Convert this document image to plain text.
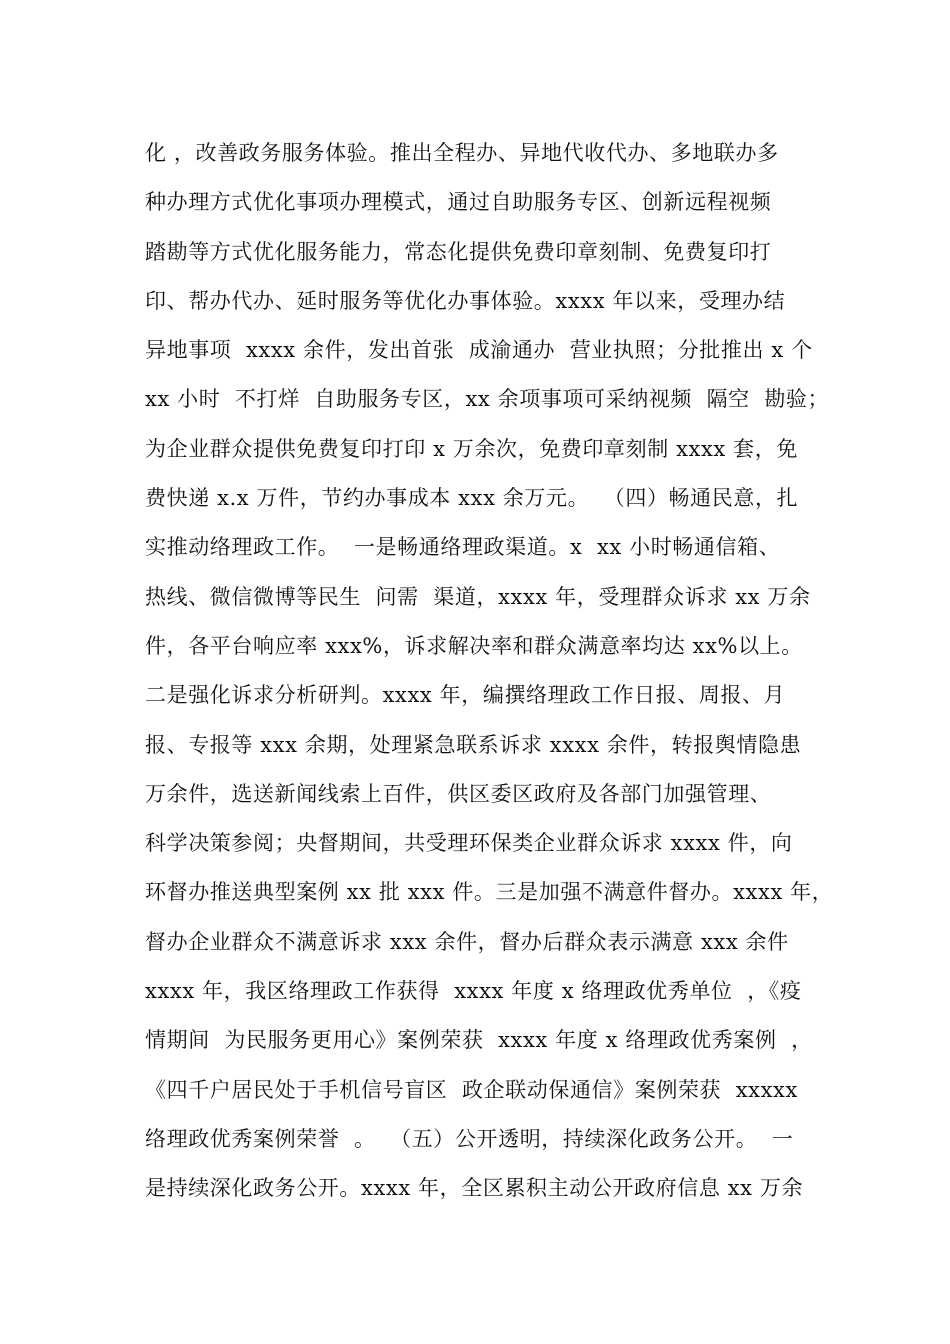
化 ，改善政务服务体验。推出全程办、异地代收代办、多地联办多
种办理方式优化事项办理模式，通过自助服务专区、创新远程视频
踏勘等方式优化服务能力，常态化提供免费印章刻制、免费复印打
印、帮办代办、延时服务等优化办事体验。xxxx 年以来，受理办结
异地事项  xxxx 余件，发出首张  成渝通办  营业执照；分批推出 x 个
xx 小时  不打烊  自助服务专区，xx 余项事项可采纳视频  隔空  勘验；
为企业群众提供免费复印打印 x 万余次，免费印章刻制 xxxx 套，免
费快递 x.x 万件，节约办事成本 xxx 余万元。  （四）畅通民意，扎
实推动络理政工作。  一是畅通络理政渠道。x  xx 小时畅通信箱、
热线、微信微博等民生  问需  渠道，xxxx 年，受理群众诉求 xx 万余
件，各平台响应率 xxx%，诉求解决率和群众满意率均达 xx%以上。
二是强化诉求分析研判。xxxx 年，编撰络理政工作日报、周报、月
报、专报等 xxx 余期，处理紧急联系诉求 xxxx 余件，转报舆情隐患
万余件，选送新闻线索上百件，供区委区政府及各部门加强管理、
科学决策参阅；央督期间，共受理环保类企业群众诉求 xxxx 件，向
环督办推送典型案例 xx 批 xxx 件。三是加强不满意件督办。xxxx 年，
督办企业群众不满意诉求 xxx 余件，督办后群众表示满意 xxx 余件
xxxx 年，我区络理政工作获得  xxxx 年度 x 络理政优秀单位  ，《疫
情期间  为民服务更用心》案例荣获  xxxx 年度 x 络理政优秀案例  ，
《四千户居民处于手机信号盲区  政企联动保通信》案例荣获  xxxxx
络理政优秀案例荣誉  。  （五）公开透明，持续深化政务公开。  一
是持续深化政务公开。xxxx 年，全区累积主动公开政府信息 xx 万余
